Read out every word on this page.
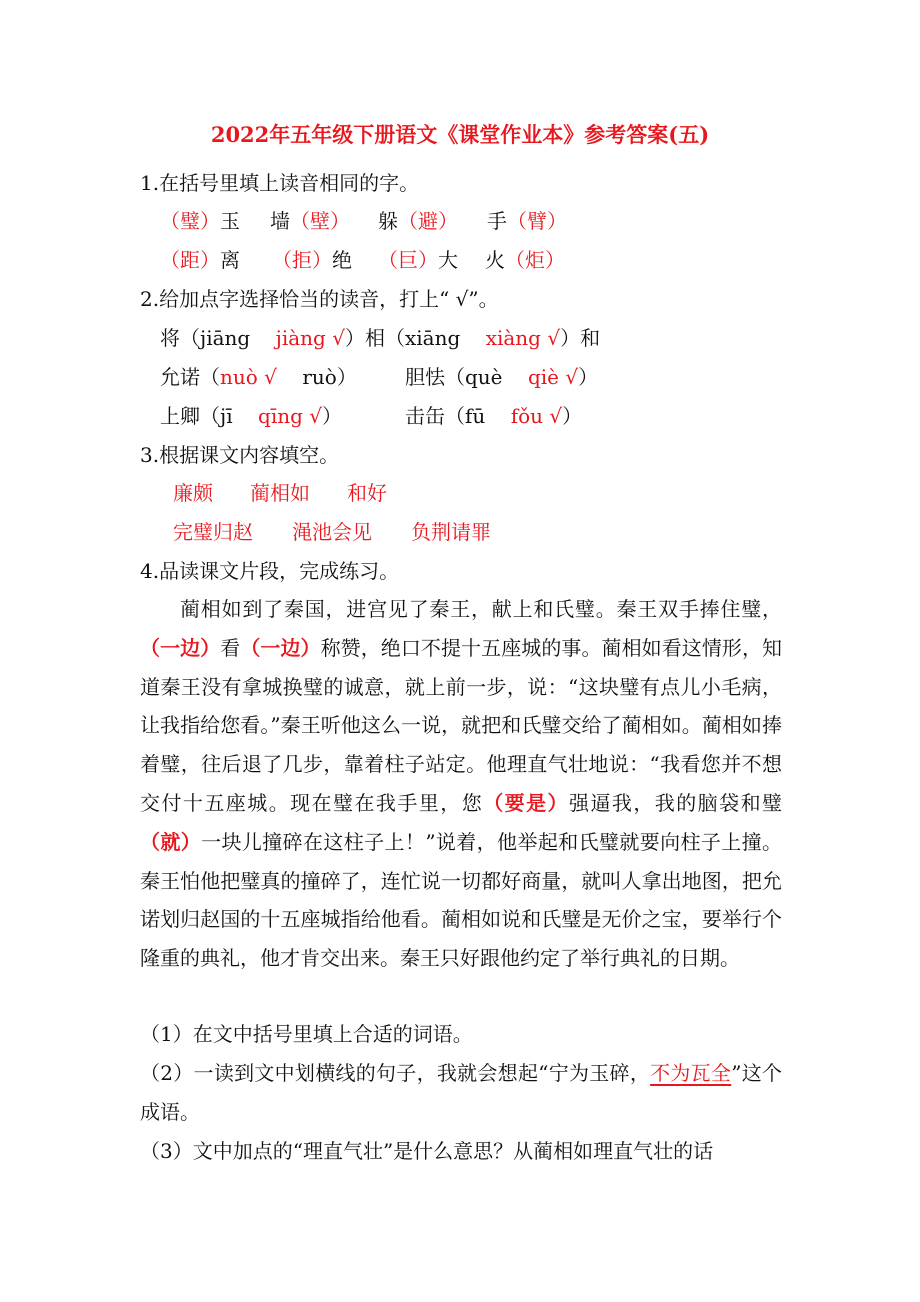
2022年五年级下册语文《课堂作业本》参考答案(五)
1.在括号里填上读音相同的字。
（璧）玉 墙（壁） 躲（避） 手（臂）
（距）离 （拒）绝 （巨）大 火（炬）
2.给加点字选择恰当的读音，打上“ √”。
将（jiāng jiàng √）相（xiāng xiàng √）和
允诺（nuò √ ruò） 胆怯（què qiè √）
上卿（jī qīng √）	击缶（fū fǒu √）
3.根据课文内容填空。
廉颇 蔺相如 和好
完璧归赵 渑池会见 负荆请罪
4.品读课文片段，完成练习。
蔺相如到了秦国，进宫见了秦王，献上和氏璧。秦王双手捧住璧，（一边）看（一边）称赞，绝口不提十五座城的事。蔺相如看这情形，知道秦王没有拿城换璧的诚意，就上前一步，说：“这块璧有点儿小毛病，让我指给您看。”秦王听他这么一说，就把和氏璧交给了蔺相如。蔺相如捧着璧，往后退了几步，靠着柱子站定。他理直气壮地说：“我看您并不想交付十五座城。现在璧在我手里，您（要是）强逼我，我的脑袋和璧（就）一块儿撞碎在这柱子上！”说着，他举起和氏璧就要向柱子上撞。秦王怕他把璧真的撞碎了，连忙说一切都好商量，就叫人拿出地图，把允诺划归赵国的十五座城指给他看。蔺相如说和氏璧是无价之宝，要举行个隆重的典礼，他才肯交出来。秦王只好跟他约定了举行典礼的日期。
（1）在文中括号里填上合适的词语。
（2）一读到文中划横线的句子，我就会想起“宁为玉碎，不为瓦全”这个成语。
（3）文中加点的“理直气壮”是什么意思？从蔺相如理直气壮的话
